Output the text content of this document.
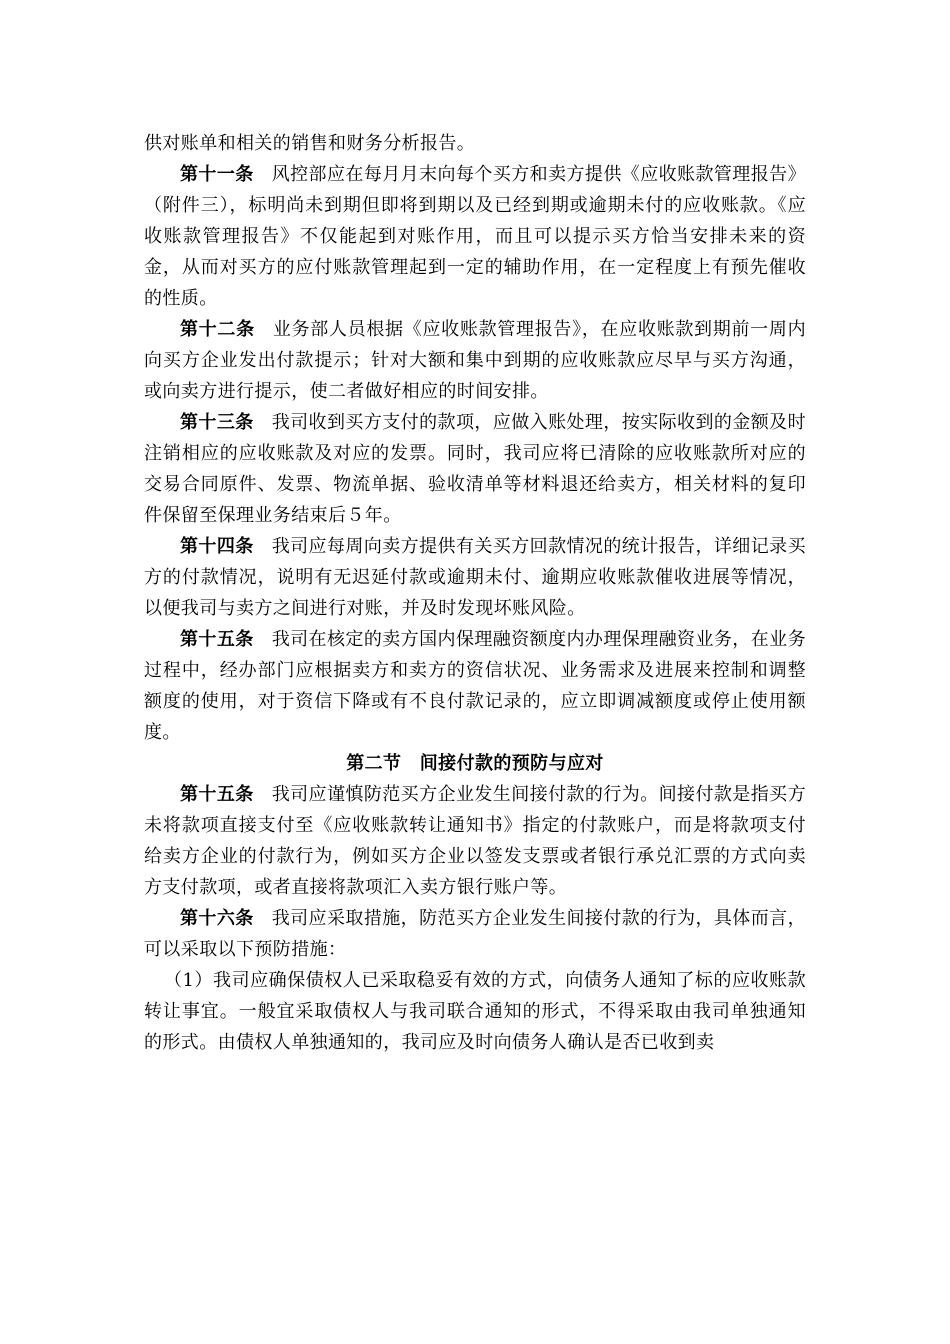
供对账单和相关的销售和财务分析报告。

第十一条 风控部应在每月月末向每个买方和卖方提供《应收账款管理报告》（附件三），标明尚未到期但即将到期以及已经到期或逾期未付的应收账款。《应收账款管理报告》不仅能起到对账作用，而且可以提示买方恰当安排未来的资金，从而对买方的应付账款管理起到一定的辅助作用，在一定程度上有预先催收的性质。

第十二条 业务部人员根据《应收账款管理报告》，在应收账款到期前一周内向买方企业发出付款提示；针对大额和集中到期的应收账款应尽早与买方沟通，或向卖方进行提示，使二者做好相应的时间安排。

第十三条 我司收到买方支付的款项，应做入账处理，按实际收到的金额及时注销相应的应收账款及对应的发票。同时，我司应将已清除的应收账款所对应的交易合同原件、发票、物流单据、验收清单等材料退还给卖方，相关材料的复印件保留至保理业务结束后５年。

第十四条 我司应每周向卖方提供有关买方回款情况的统计报告，详细记录买方的付款情况，说明有无迟延付款或逾期未付、逾期应收账款催收进展等情况，以便我司与卖方之间进行对账，并及时发现坏账风险。

第十五条 我司在核定的卖方国内保理融资额度内办理保理融资业务，在业务过程中，经办部门应根据卖方和卖方的资信状况、业务需求及进展来控制和调整额度的使用，对于资信下降或有不良付款记录的，应立即调减额度或停止使用额度。

第二节　间接付款的预防与应对

第十五条 我司应谨慎防范买方企业发生间接付款的行为。间接付款是指买方未将款项直接支付至《应收账款转让通知书》指定的付款账户，而是将款项支付给卖方企业的付款行为，例如买方企业以签发支票或者银行承兑汇票的方式向卖方支付款项，或者直接将款项汇入卖方银行账户等。

第十六条 我司应采取措施，防范买方企业发生间接付款的行为，具体而言，可以采取以下预防措施：

（1）我司应确保债权人已采取稳妥有效的方式，向债务人通知了标的应收账款转让事宜。一般宜采取债权人与我司联合通知的形式，不得采取由我司单独通知的形式。由债权人单独通知的，我司应及时向债务人确认是否已收到卖
